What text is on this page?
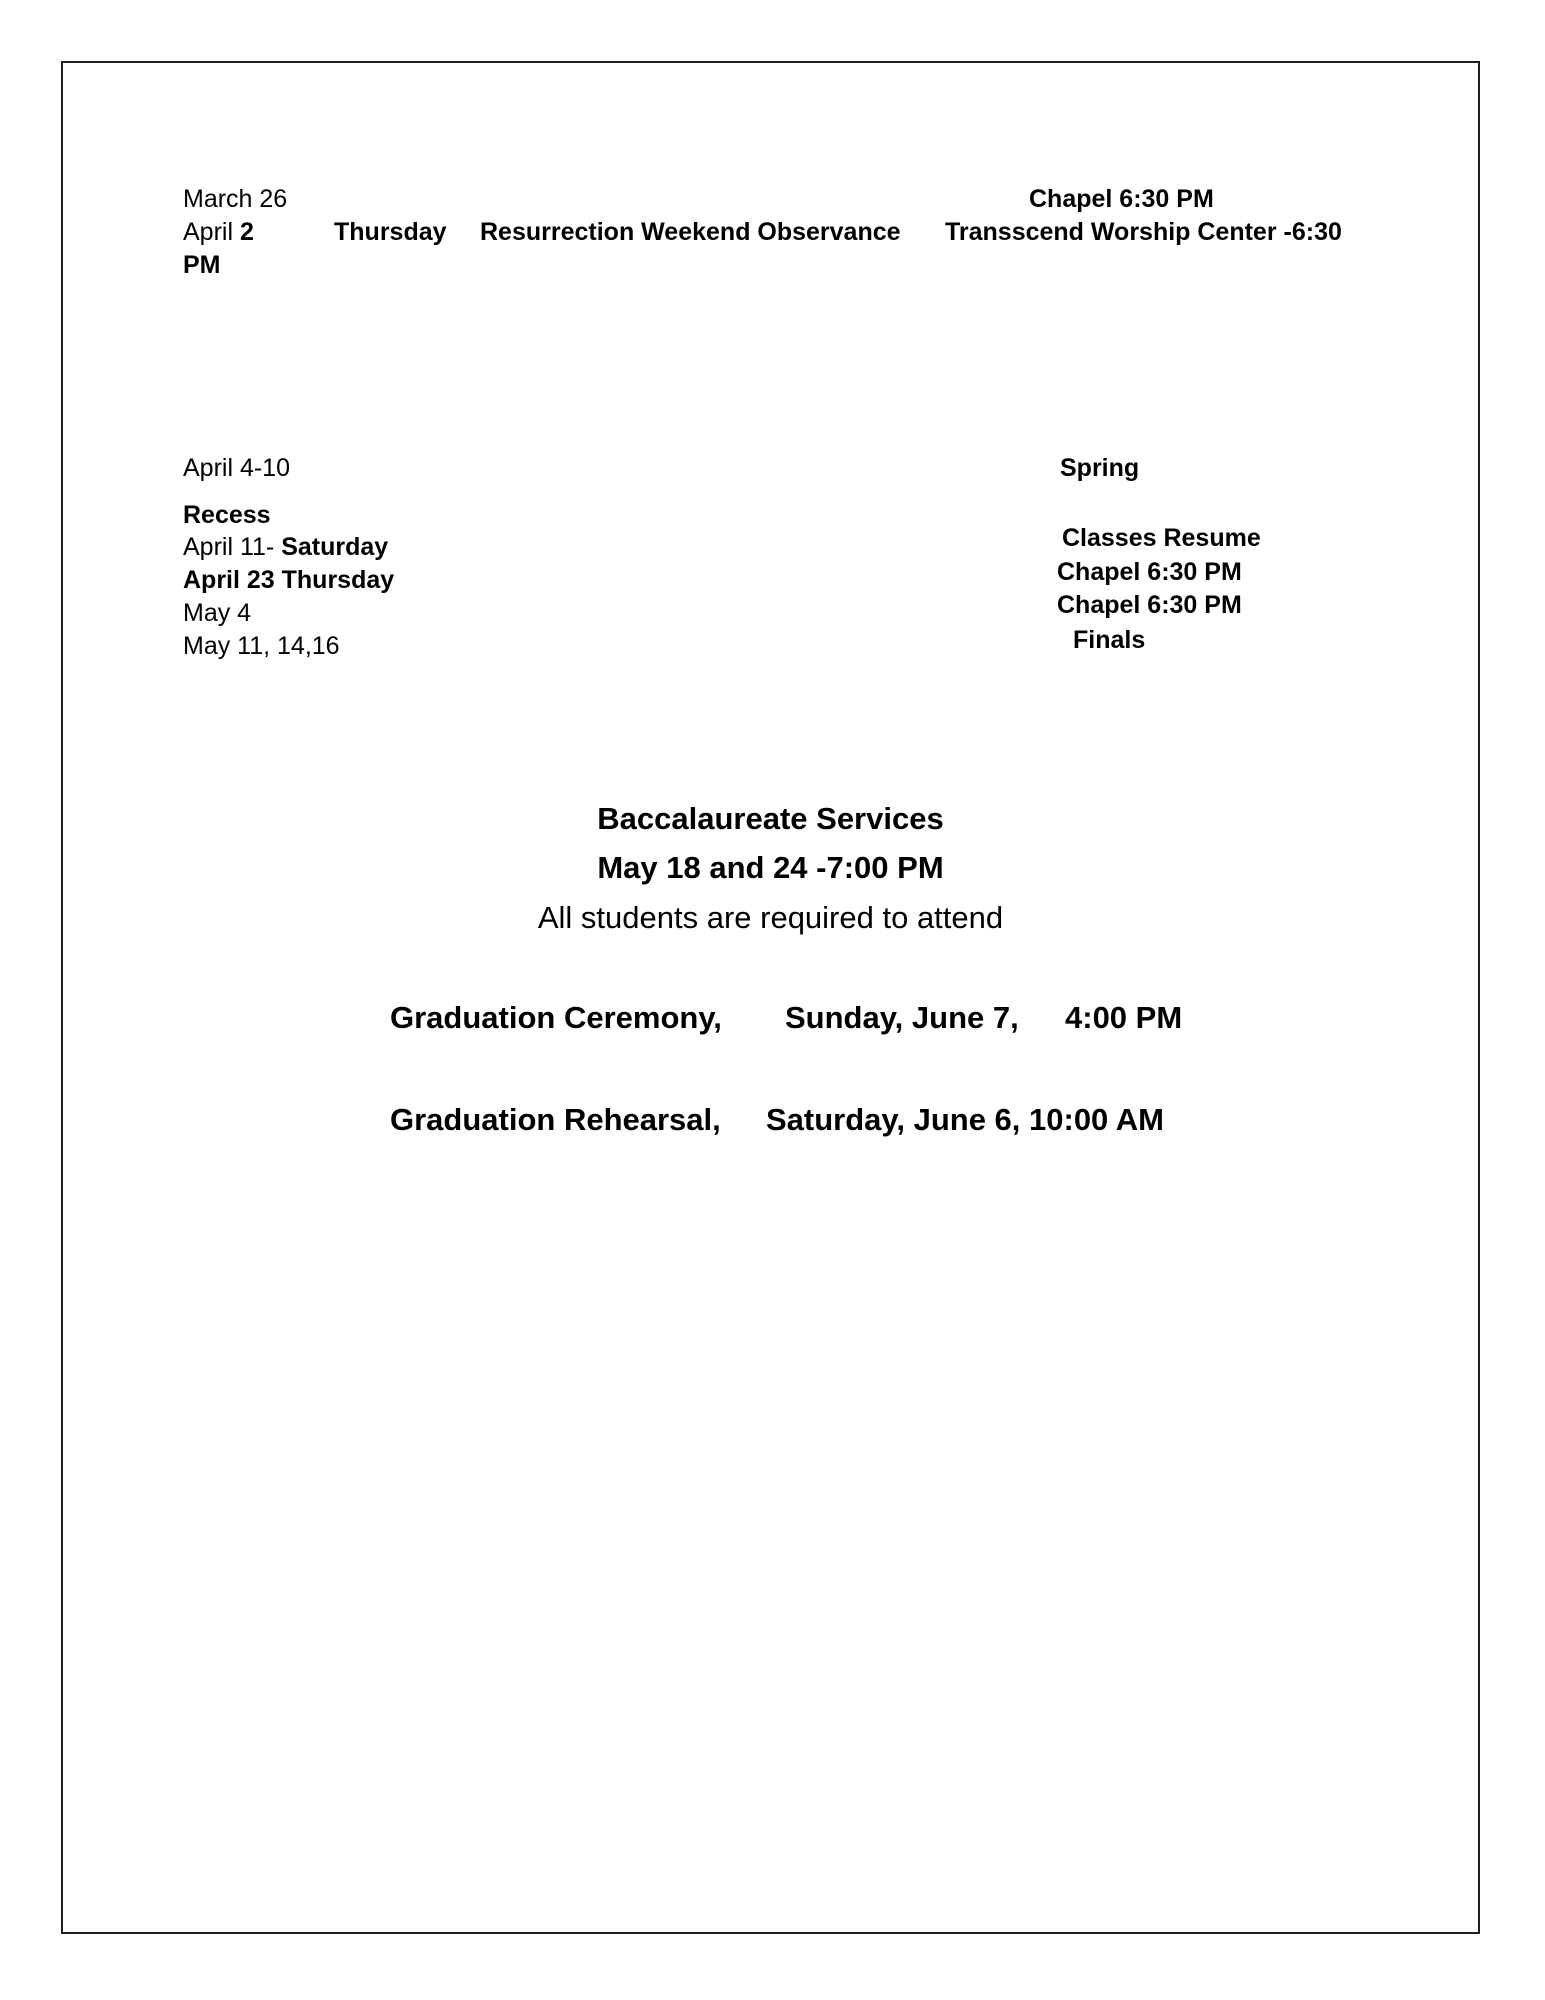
March 26	Chapel 6:30 PM
April 2	Thursday Resurrection Weekend Observance Transscend Worship Center -6:30
PM
April 4-10
Recess
April 11- Saturday
April 23 Thursday
May 4
May 11, 14,16
Spring
Classes Resume
Chapel 6:30 PM
Chapel 6:30 PM
Finals
Baccalaureate Services
May 18 and 24 -7:00 PM
All students are required to attend
Graduation Ceremony, Sunday, June 7, 4:00 PM
Graduation Rehearsal, Saturday, June 6, 10:00 AM
